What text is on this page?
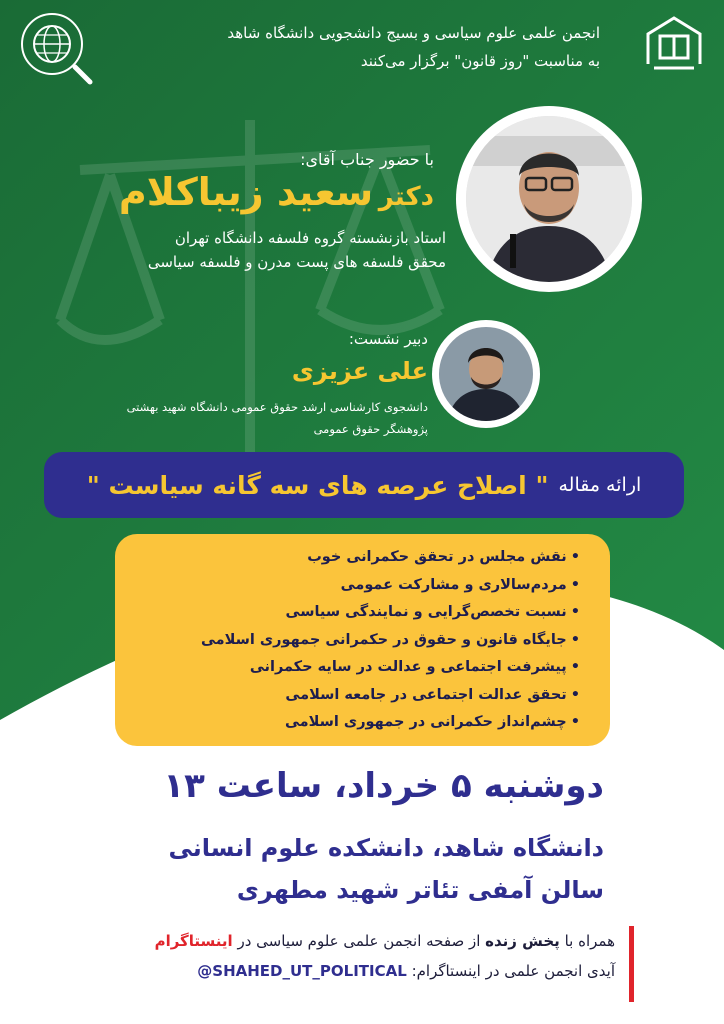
انجمن علمی علوم سیاسی و بسیج دانشجویی دانشگاه شاهد
به مناسبت "روز قانون" برگزار می‌کنند
با حضور جناب آقای:
دکتر سعید زیباکلام
استاد بازنشسته گروه فلسفه دانشگاه تهران
محقق فلسفه های پست مدرن و فلسفه سیاسی
دبیر نشست:
علی عزیزی
دانشجوی کارشناسی ارشد حقوق عمومی دانشگاه شهید بهشتی
پژوهشگر حقوق عمومی
ارائه مقاله
" اصلاح عرصه های سه گانه سیاست "
• نقش مجلس در تحقق حکمرانی خوب
• مردم‌سالاری و مشارکت عمومی
• نسبت تخصص‌گرایی و نمایندگی سیاسی
• جایگاه قانون و حقوق در حکمرانی جمهوری اسلامی
• پیشرفت اجتماعی و عدالت در سایه حکمرانی
• تحقق عدالت اجتماعی در جامعه اسلامی
• چشم‌انداز حکمرانی در جمهوری اسلامی
دوشنبه ۵ خرداد، ساعت ۱۳
دانشگاه شاهد، دانشکده علوم انسانی
سالن آمفی تئاتر شهید مطهری
همراه با پخش زنده از صفحه انجمن علمی علوم سیاسی در اینستاگرام
آیدی انجمن علمی در اینستاگرام: @SHAHED_UT_POLITICAL
